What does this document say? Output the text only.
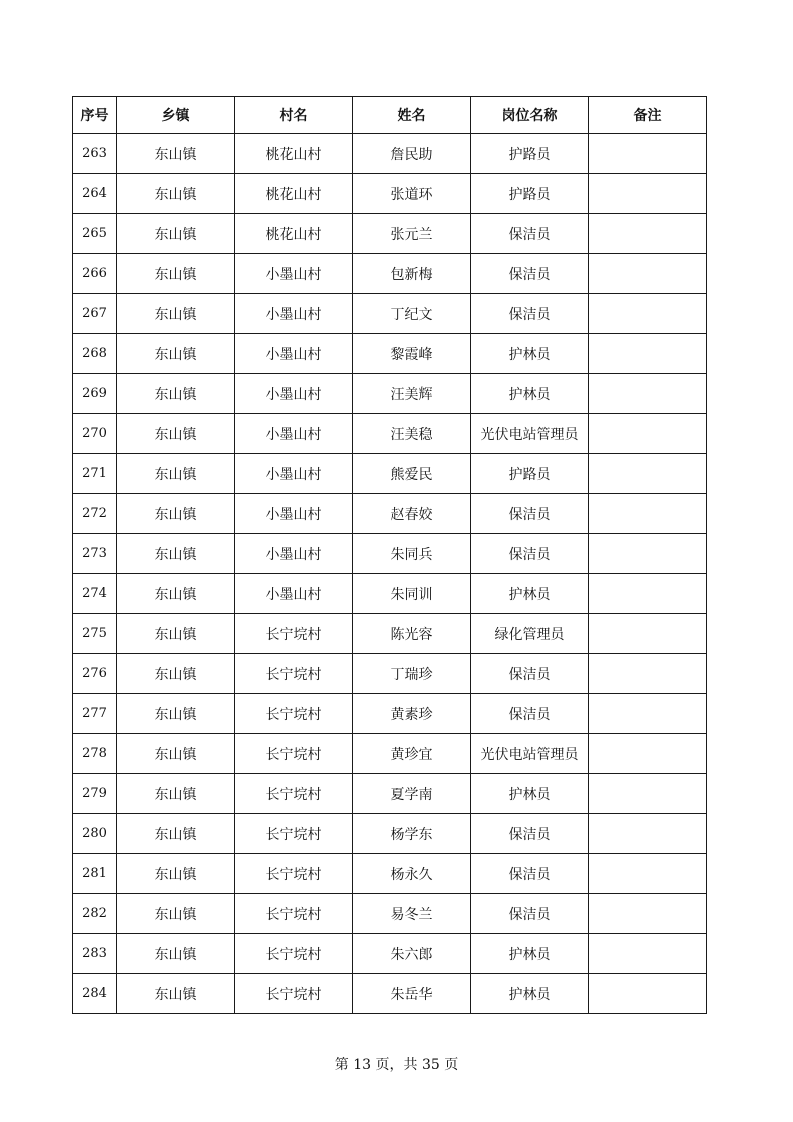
序号	乡镇	村名	姓名	岗位名称	备注
263	东山镇	桃花山村	詹民助	护路员	
264	东山镇	桃花山村	张道环	护路员	
265	东山镇	桃花山村	张元兰	保洁员	
266	东山镇	小墨山村	包新梅	保洁员	
267	东山镇	小墨山村	丁纪文	保洁员	
268	东山镇	小墨山村	黎霞峰	护林员	
269	东山镇	小墨山村	汪美辉	护林员	
270	东山镇	小墨山村	汪美稳	光伏电站管理员	
271	东山镇	小墨山村	熊爱民	护路员	
272	东山镇	小墨山村	赵春姣	保洁员	
273	东山镇	小墨山村	朱同兵	保洁员	
274	东山镇	小墨山村	朱同训	护林员	
275	东山镇	长宁垸村	陈光容	绿化管理员	
276	东山镇	长宁垸村	丁瑞珍	保洁员	
277	东山镇	长宁垸村	黄素珍	保洁员	
278	东山镇	长宁垸村	黄珍宜	光伏电站管理员	
279	东山镇	长宁垸村	夏学南	护林员	
280	东山镇	长宁垸村	杨学东	保洁员	
281	东山镇	长宁垸村	杨永久	保洁员	
282	东山镇	长宁垸村	易冬兰	保洁员	
283	东山镇	长宁垸村	朱六郎	护林员	
284	东山镇	长宁垸村	朱岳华	护林员	
第 13 页，共 35 页
